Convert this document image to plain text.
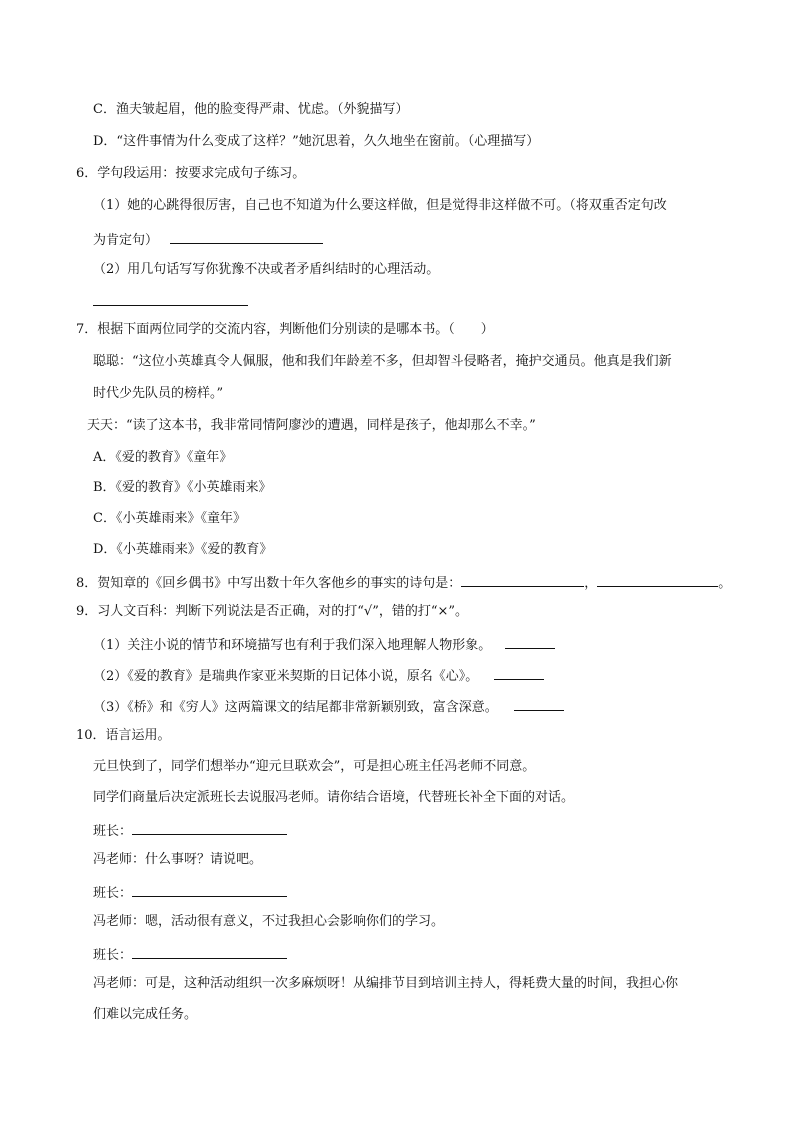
C．渔夫皱起眉，他的脸变得严肃、忧虑。（外貌描写）
D．“这件事情为什么变成了这样？”她沉思着，久久地坐在窗前。（心理描写）
6．学句段运用：按要求完成句子练习。
（1）她的心跳得很厉害，自己也不知道为什么要这样做，但是觉得非这样做不可。（将双重否定句改
为肯定句）
（2）用几句话写写你犹豫不决或者矛盾纠结时的心理活动。
7．根据下面两位同学的交流内容，判断他们分别读的是哪本书。（　　）
聪聪：“这位小英雄真令人佩服，他和我们年龄差不多，但却智斗侵略者，掩护交通员。他真是我们新
时代少先队员的榜样。”
天天：“读了这本书，我非常同情阿廖沙的遭遇，同样是孩子，他却那么不幸。”
A．《爱的教育》《童年》
B．《爱的教育》《小英雄雨来》
C．《小英雄雨来》《童年》
D．《小英雄雨来》《爱的教育》
8．贺知章的《回乡偶书》中写出数十年久客他乡的事实的诗句是：	，	。
9．习人文百科：判断下列说法是否正确，对的打“√”，错的打“×”。
（1）关注小说的情节和环境描写也有利于我们深入地理解人物形象。
（2）《爱的教育》是瑞典作家亚米契斯的日记体小说，原名《心》。
（3）《桥》和《穷人》这两篇课文的结尾都非常新颖别致，富含深意。
10．语言运用。
元旦快到了，同学们想举办“迎元旦联欢会”，可是担心班主任冯老师不同意。
同学们商量后决定派班长去说服冯老师。请你结合语境，代替班长补全下面的对话。
班长：
冯老师：什么事呀？请说吧。
班长：
冯老师：嗯，活动很有意义，不过我担心会影响你们的学习。
班长：
冯老师：可是，这种活动组织一次多麻烦呀！从编排节目到培训主持人，得耗费大量的时间，我担心你
们难以完成任务。
